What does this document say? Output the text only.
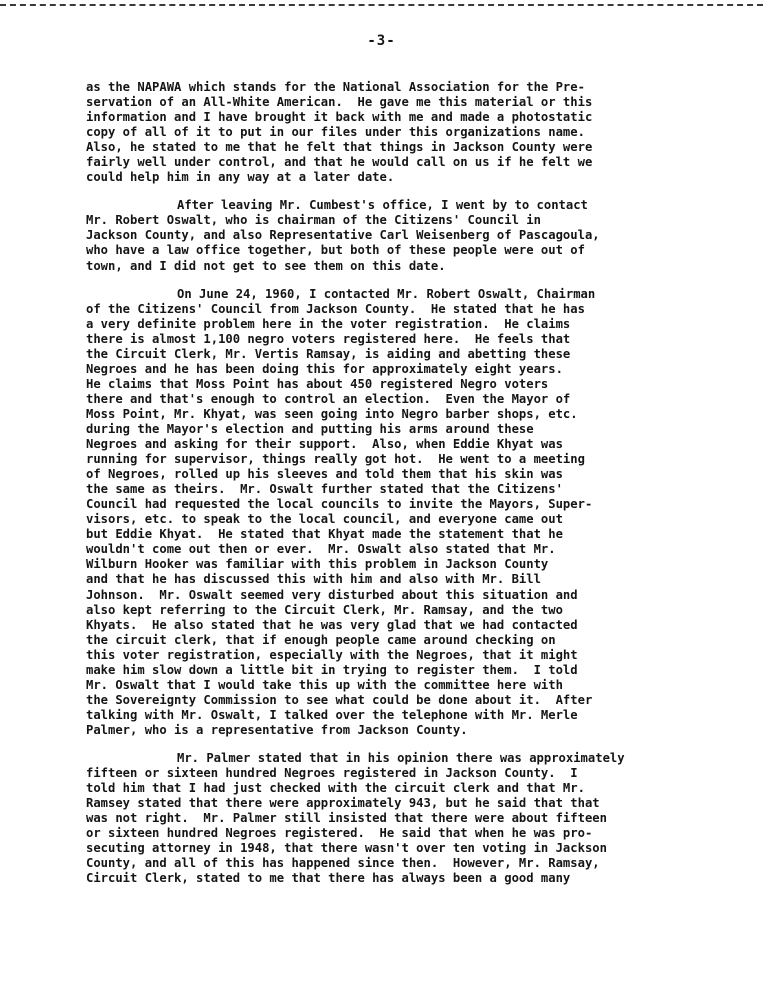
-3-
as the NAPAWA which stands for the National Association for the Pre-
servation of an All-White American.  He gave me this material or this
information and I have brought it back with me and made a photostatic
copy of all of it to put in our files under this organizations name.
Also, he stated to me that he felt that things in Jackson County were
fairly well under control, and that he would call on us if he felt we
could help him in any way at a later date.
After leaving Mr. Cumbest's office, I went by to contact
Mr. Robert Oswalt, who is chairman of the Citizens' Council in
Jackson County, and also Representative Carl Weisenberg of Pascagoula,
who have a law office together, but both of these people were out of
town, and I did not get to see them on this date.
On June 24, 1960, I contacted Mr. Robert Oswalt, Chairman
of the Citizens' Council from Jackson County.  He stated that he has
a very definite problem here in the voter registration.  He claims
there is almost 1,100 negro voters registered here.  He feels that
the Circuit Clerk, Mr. Vertis Ramsay, is aiding and abetting these
Negroes and he has been doing this for approximately eight years.
He claims that Moss Point has about 450 registered Negro voters
there and that's enough to control an election.  Even the Mayor of
Moss Point, Mr. Khyat, was seen going into Negro barber shops, etc.
during the Mayor's election and putting his arms around these
Negroes and asking for their support.  Also, when Eddie Khyat was
running for supervisor, things really got hot.  He went to a meeting
of Negroes, rolled up his sleeves and told them that his skin was
the same as theirs.  Mr. Oswalt further stated that the Citizens'
Council had requested the local councils to invite the Mayors, Super-
visors, etc. to speak to the local council, and everyone came out
but Eddie Khyat.  He stated that Khyat made the statement that he
wouldn't come out then or ever.  Mr. Oswalt also stated that Mr.
Wilburn Hooker was familiar with this problem in Jackson County
and that he has discussed this with him and also with Mr. Bill
Johnson.  Mr. Oswalt seemed very disturbed about this situation and
also kept referring to the Circuit Clerk, Mr. Ramsay, and the two
Khyats.  He also stated that he was very glad that we had contacted
the circuit clerk, that if enough people came around checking on
this voter registration, especially with the Negroes, that it might
make him slow down a little bit in trying to register them.  I told
Mr. Oswalt that I would take this up with the committee here with
the Sovereignty Commission to see what could be done about it.  After
talking with Mr. Oswalt, I talked over the telephone with Mr. Merle
Palmer, who is a representative from Jackson County.
Mr. Palmer stated that in his opinion there was approximately
fifteen or sixteen hundred Negroes registered in Jackson County.  I
told him that I had just checked with the circuit clerk and that Mr.
Ramsey stated that there were approximately 943, but he said that that
was not right.  Mr. Palmer still insisted that there were about fifteen
or sixteen hundred Negroes registered.  He said that when he was pro-
secuting attorney in 1948, that there wasn't over ten voting in Jackson
County, and all of this has happened since then.  However, Mr. Ramsay,
Circuit Clerk, stated to me that there has always been a good many
